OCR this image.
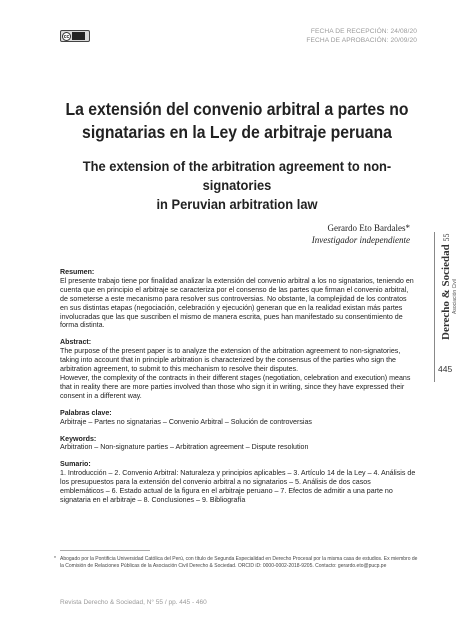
cc
FECHA DE RECEPCIÓN: 24/08/20
FECHA DE APROBACIÓN: 20/09/20
La extensión del convenio arbitral a partes no
signatarias en la Ley de arbitraje peruana
The extension of the arbitration agreement to non-signatories
in Peruvian arbitration law
Gerardo Eto Bardales*
Investigador independiente
Derecho & Sociedad 55
Asociación Civil
445

Resumen:

El presente trabajo tiene por finalidad analizar la extensión del convenio arbitral a los no signatarios, teniendo en cuenta que en principio el arbitraje se caracteriza por el consenso de las partes que firman el convenio arbitral, de someterse a este mecanismo para resolver sus controversias. No obstante, la complejidad de los contratos en sus distintas etapas (negociación, celebración y ejecución) generan que en la realidad existan más partes involucradas que las que suscriben el mismo de manera escrita, pues han manifestado su consentimiento de forma distinta.

Abstract:

The purpose of the present paper is to analyze the extension of the arbitration agreement to non-signatories, taking into account that in principle arbitration is characterized by the consensus of the parties who sign the arbitration agreement, to submit to this mechanism to resolve their disputes.

However, the complexity of the contracts in their different stages (negotiation, celebration and execution) means that in reality there are more parties involved than those who sign it in writing, since they have expressed their consent in a different way.

Palabras clave:

Arbitraje – Partes no signatarias – Convenio Arbitral – Solución de controversias

Keywords:

Arbitration – Non-signature parties – Arbitration agreement – Dispute resolution

Sumario:

1. Introducción – 2. Convenio Arbitral: Naturaleza y principios aplicables – 3. Artículo 14 de la Ley – 4. Análisis de los presupuestos para la extensión del convenio arbitral a no signatarios – 5. Análisis de dos casos emblemáticos – 6. Estado actual de la figura en el arbitraje peruano – 7. Efectos de admitir a una parte no signataria en el arbitraje – 8. Conclusiones – 9. Bibliografía

* Abogado por la Pontificia Universidad Católica del Perú, con título de Segunda Especialidad en Derecho Procesal por la misma casa de estudios. Ex miembro de la Comisión de Relaciones Públicas de la Asociación Civil Derecho & Sociedad. ORCID iD: 0000-0002-2018-9205. Contacto: gerardo.eto@pucp.pe
Revista Derecho & Sociedad, N° 55 / pp. 445 - 460
